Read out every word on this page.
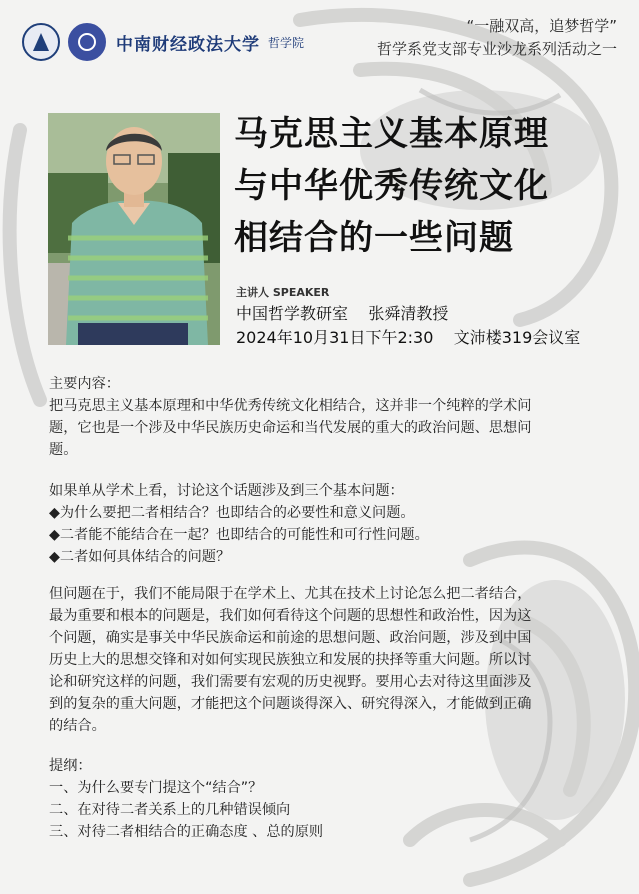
中南财经政法大学 哲学院
“一融双高，追梦哲学”
哲学系党支部专业沙龙系列活动之一
马克思主义基本原理
与中华优秀传统文化
相结合的一些问题
主讲人 SPEAKER
中国哲学教研室    张舜清教授
2024年10月31日下午2:30    文沛楼319会议室
主要内容：
把马克思主义基本原理和中华优秀传统文化相结合，这并非一个纯粹的学术问
题，它也是一个涉及中华民族历史命运和当代发展的重大的政治问题、思想问
题。
如果单从学术上看，讨论这个话题涉及到三个基本问题：
◆为什么要把二者相结合？也即结合的必要性和意义问题。
◆二者能不能结合在一起？也即结合的可能性和可行性问题。
◆二者如何具体结合的问题？
但问题在于，我们不能局限于在学术上、尤其在技术上讨论怎么把二者结合，
最为重要和根本的问题是，我们如何看待这个问题的思想性和政治性，因为这
个问题，确实是事关中华民族命运和前途的思想问题、政治问题，涉及到中国
历史上大的思想交锋和对如何实现民族独立和发展的抉择等重大问题。所以讨
论和研究这样的问题，我们需要有宏观的历史视野。要用心去对待这里面涉及
到的复杂的重大问题，才能把这个问题谈得深入、研究得深入，才能做到正确
的结合。
提纲：
一、为什么要专门提这个“结合”？
二、在对待二者关系上的几种错误倾向
三、对待二者相结合的正确态度 、总的原则
